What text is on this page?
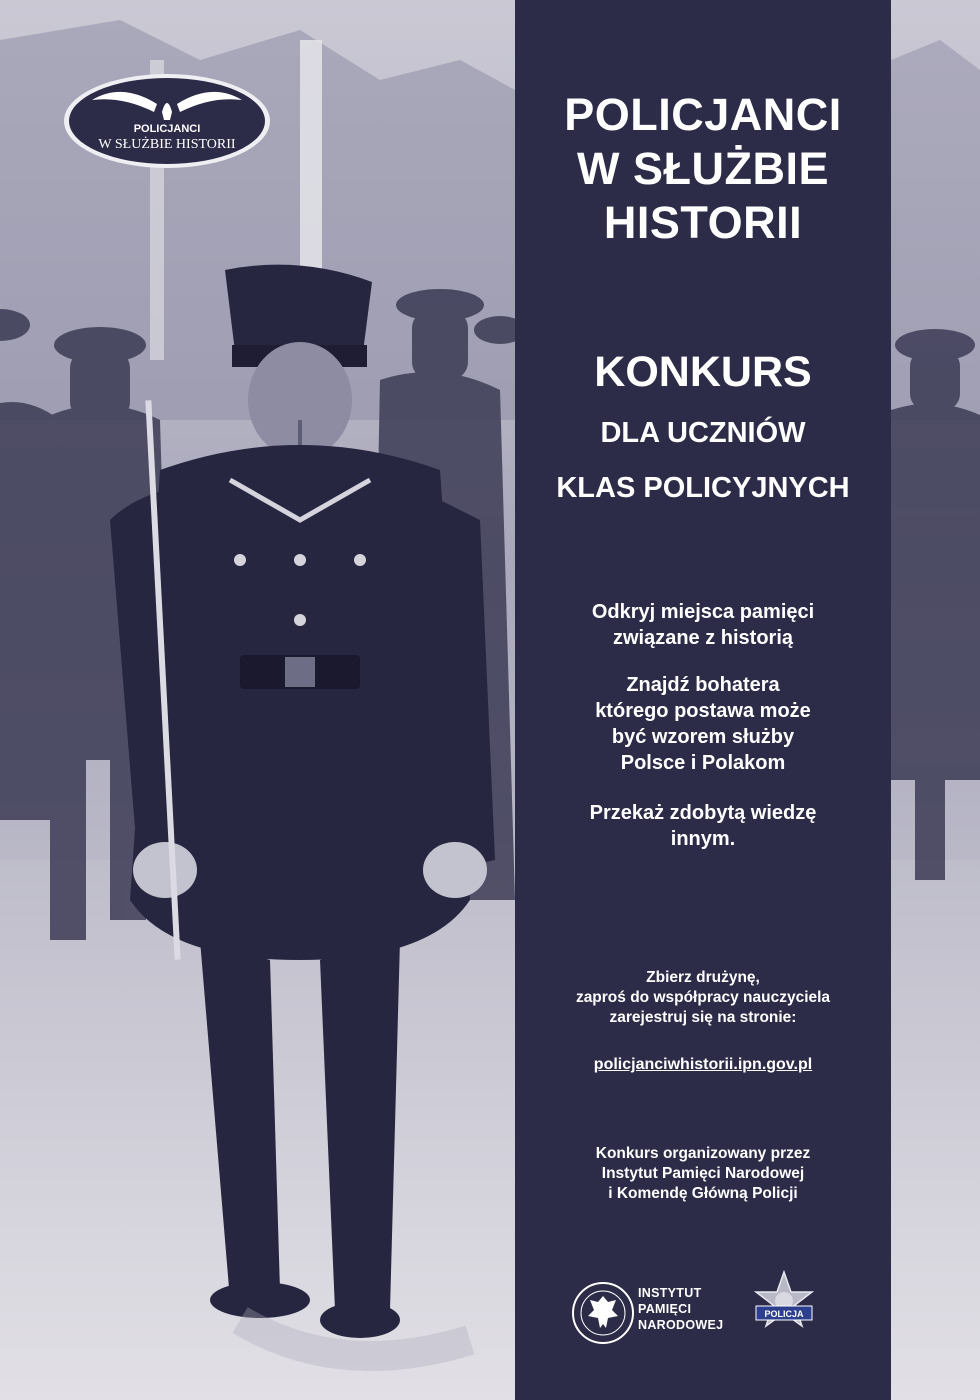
POLICJANCI
W SŁUŻBIE HISTORII
POLICJANCI
W SŁUŻBIE
HISTORII
KONKURS
DLA UCZNIÓW
KLAS POLICYJNYCH
Odkryj miejsca pamięci
związane z historią
Znajdź bohatera
którego postawa może
być wzorem służby
Polsce i Polakom
Przekaż zdobytą wiedzę
innym.
Zbierz drużynę,
zaproś do współpracy nauczyciela
zarejestruj się na stronie:
policjanciwhistorii.ipn.gov.pl
Konkurs organizowany przez
Instytut Pamięci Narodowej
i Komendę Główną Policji
INSTYTUT
PAMIĘCI
NARODOWEJ
POLICJA
